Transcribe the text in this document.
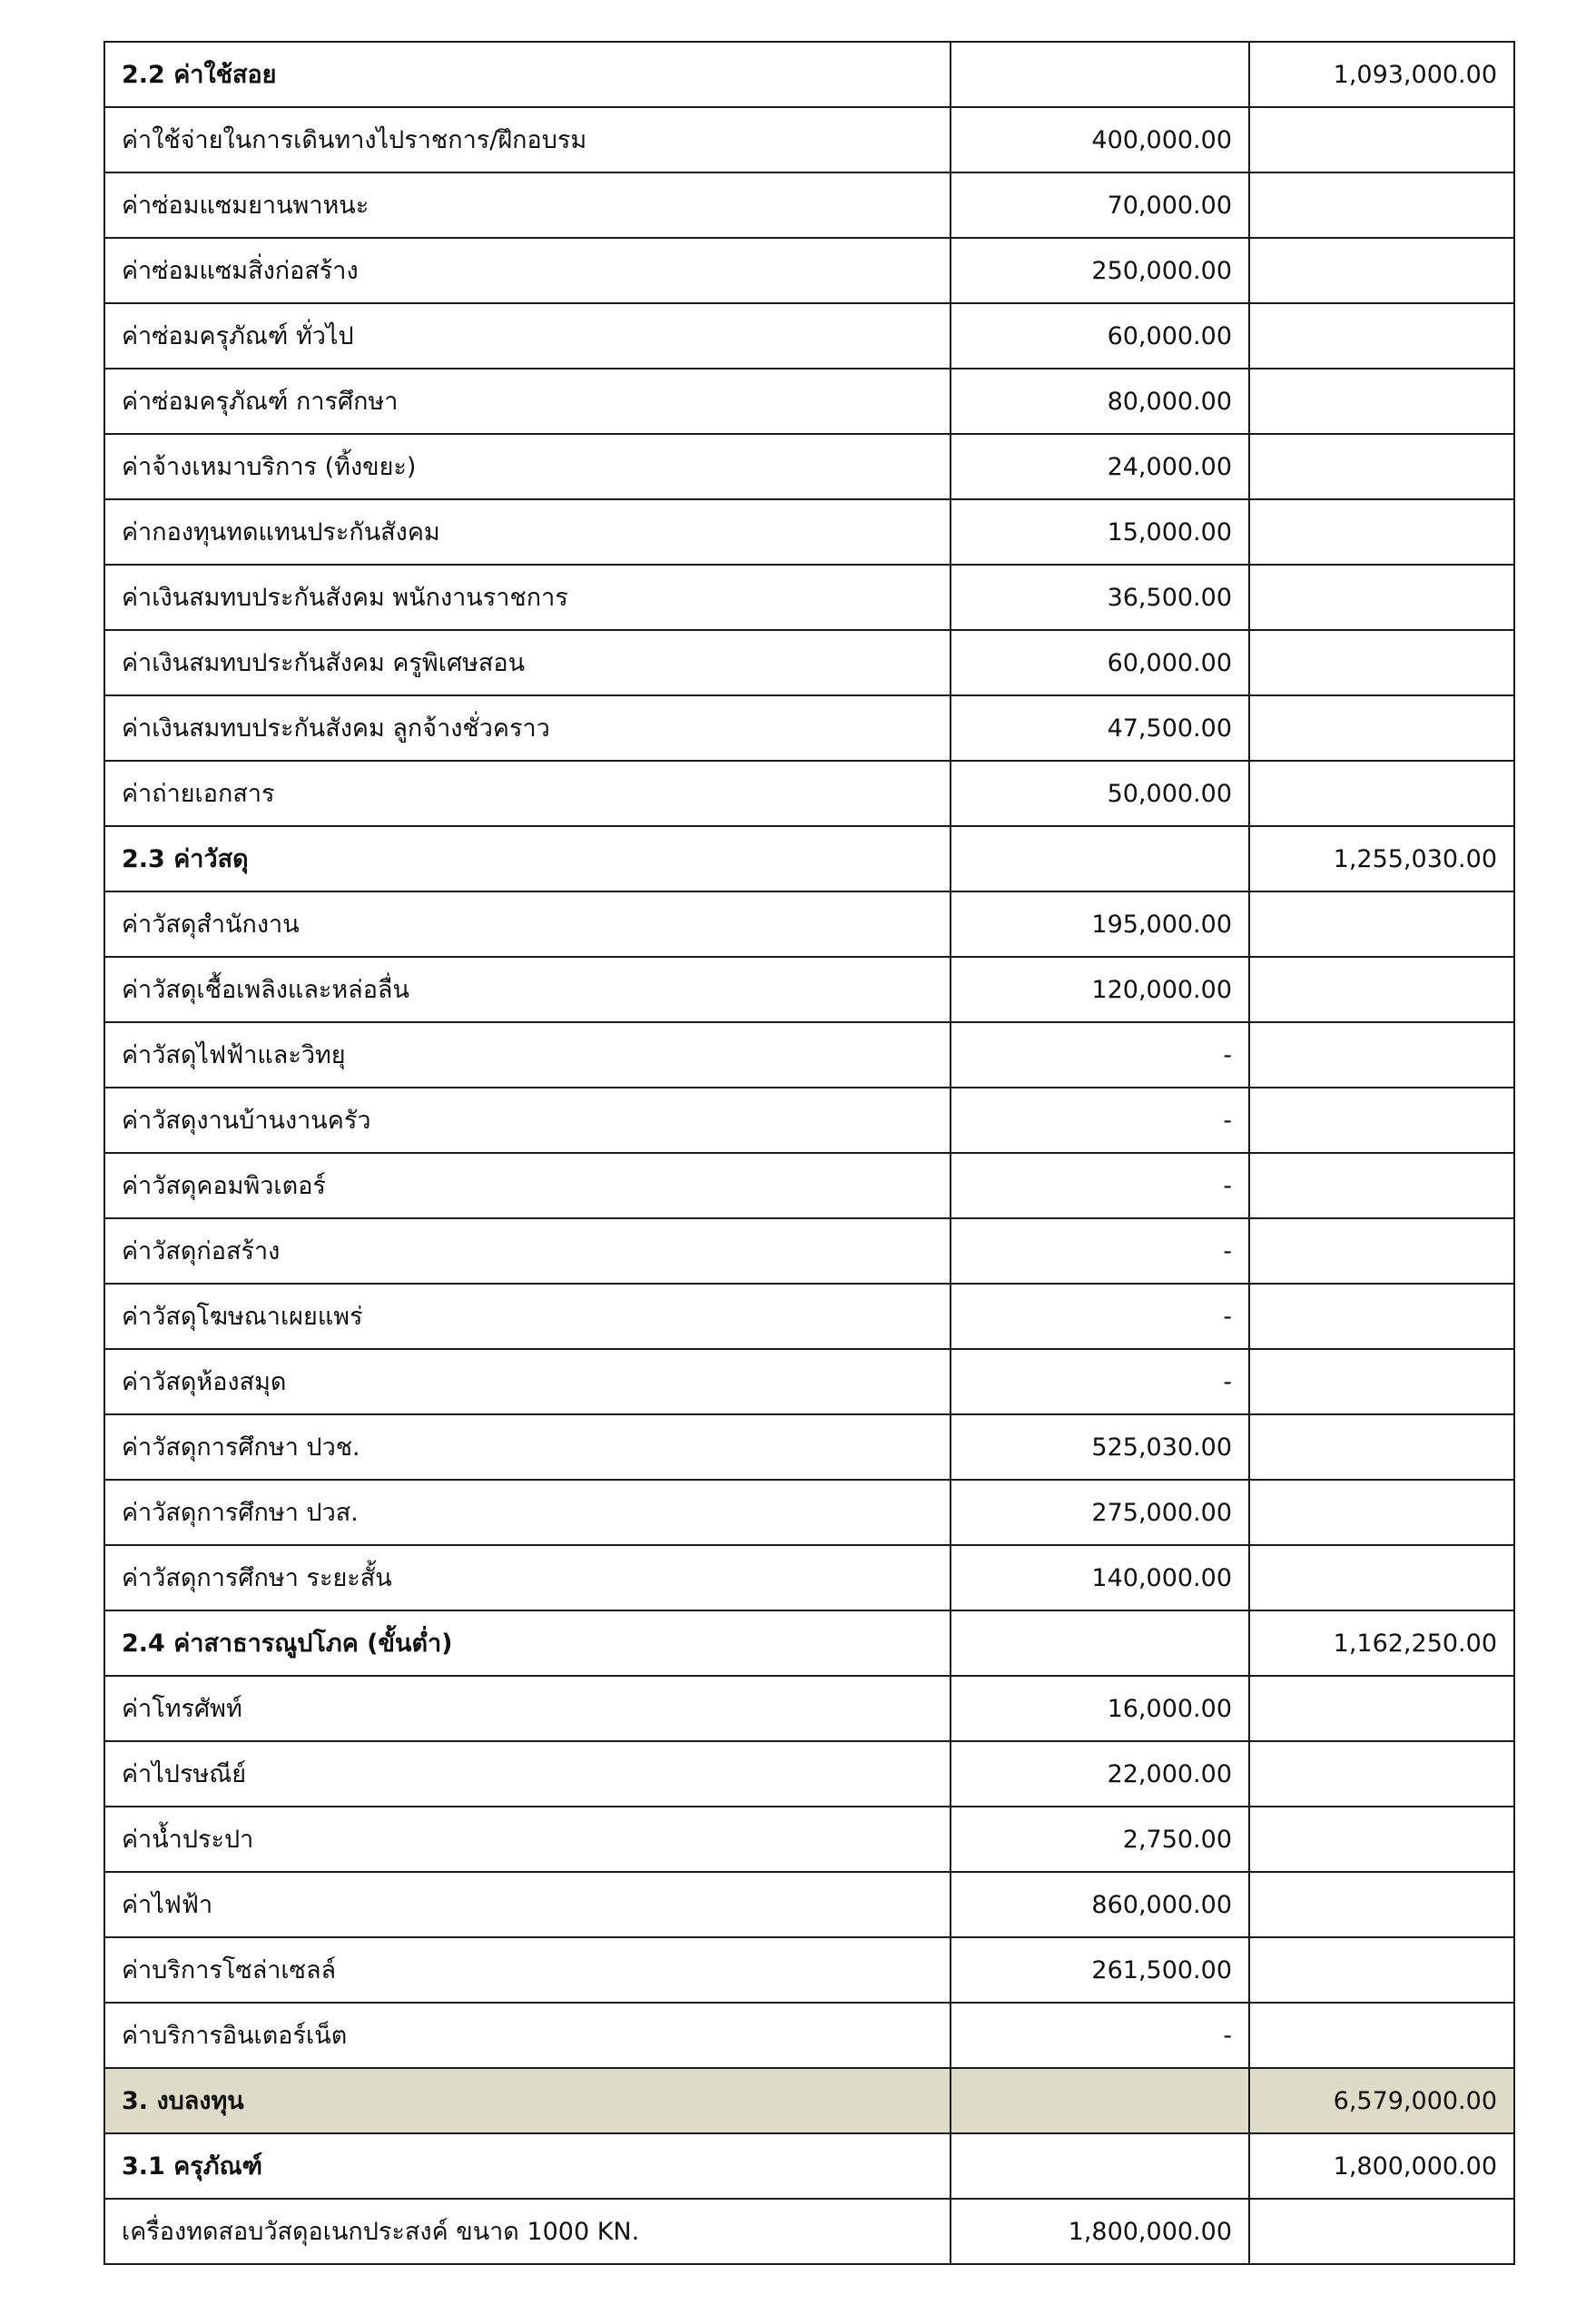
2.2 ค่าใช้สอย		1,093,000.00
ค่าใช้จ่ายในการเดินทางไปราชการ/ฝึกอบรม	400,000.00	
ค่าซ่อมแซมยานพาหนะ	70,000.00	
ค่าซ่อมแซมสิ่งก่อสร้าง	250,000.00	
ค่าซ่อมครุภัณฑ์ ทั่วไป	60,000.00	
ค่าซ่อมครุภัณฑ์ การศึกษา	80,000.00	
ค่าจ้างเหมาบริการ (ทิ้งขยะ)	24,000.00	
ค่ากองทุนทดแทนประกันสังคม	15,000.00	
ค่าเงินสมทบประกันสังคม พนักงานราชการ	36,500.00	
ค่าเงินสมทบประกันสังคม ครูพิเศษสอน	60,000.00	
ค่าเงินสมทบประกันสังคม ลูกจ้างชั่วคราว	47,500.00	
ค่าถ่ายเอกสาร	50,000.00	
2.3 ค่าวัสดุ		1,255,030.00
ค่าวัสดุสำนักงาน	195,000.00	
ค่าวัสดุเชื้อเพลิงและหล่อลื่น	120,000.00	
ค่าวัสดุไฟฟ้าและวิทยุ	-	
ค่าวัสดุงานบ้านงานครัว	-	
ค่าวัสดุคอมพิวเตอร์	-	
ค่าวัสดุก่อสร้าง	-	
ค่าวัสดุโฆษณาเผยแพร่	-	
ค่าวัสดุห้องสมุด	-	
ค่าวัสดุการศึกษา ปวช.	525,030.00	
ค่าวัสดุการศึกษา ปวส.	275,000.00	
ค่าวัสดุการศึกษา ระยะสั้น	140,000.00	
2.4 ค่าสาธารณูปโภค (ขั้นต่ำ)		1,162,250.00
ค่าโทรศัพท์	16,000.00	
ค่าไปรษณีย์	22,000.00	
ค่าน้ำประปา	2,750.00	
ค่าไฟฟ้า	860,000.00	
ค่าบริการโซล่าเซลล์	261,500.00	
ค่าบริการอินเตอร์เน็ต	-	
3. งบลงทุน		6,579,000.00
3.1 ครุภัณฑ์		1,800,000.00
เครื่องทดสอบวัสดุอเนกประสงค์ ขนาด 1000 KN.	1,800,000.00	
